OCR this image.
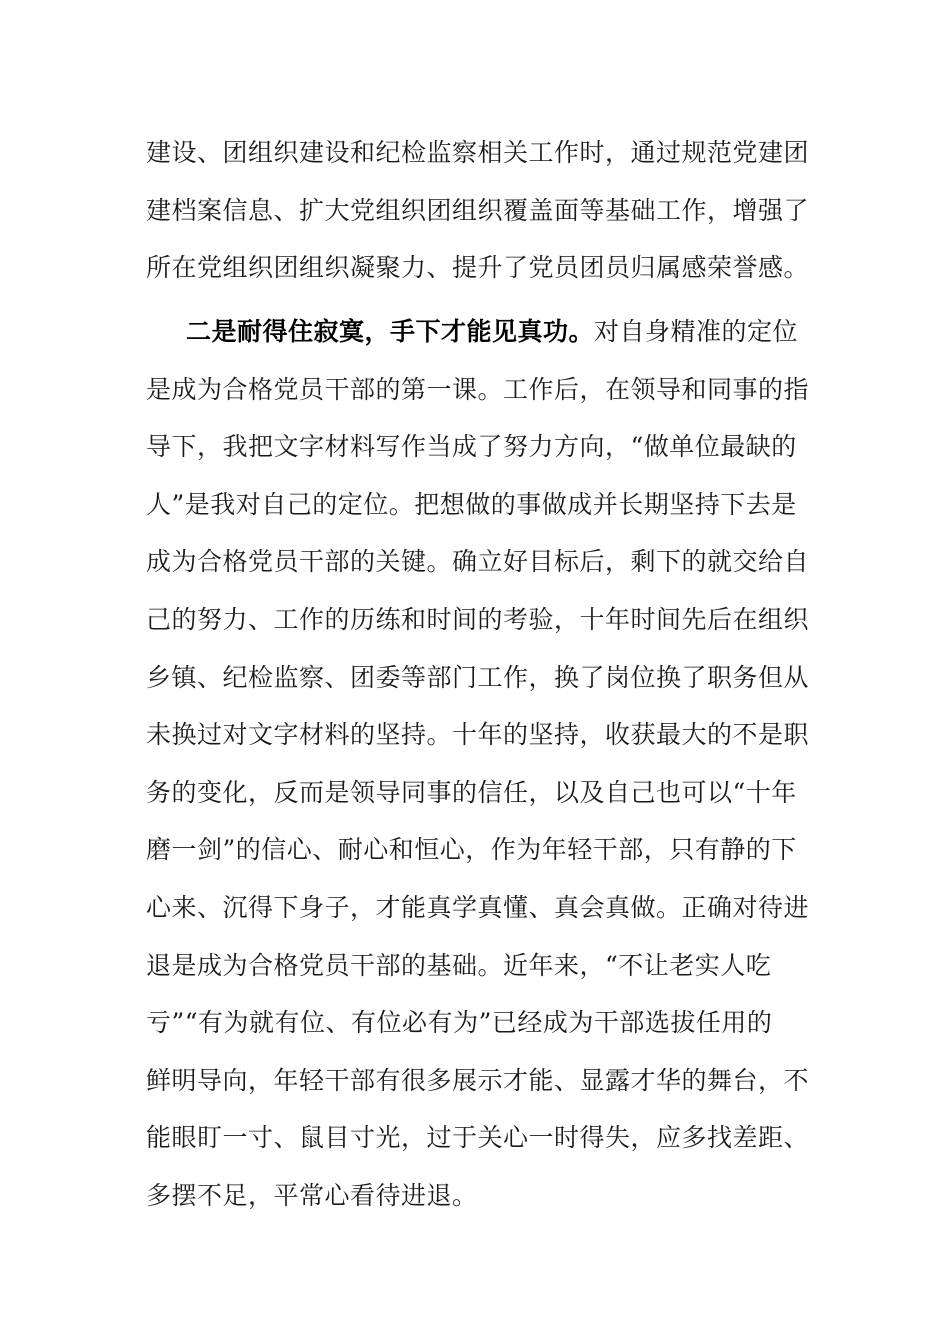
建设、团组织建设和纪检监察相关工作时，通过规范党建团
建档案信息、扩大党组织团组织覆盖面等基础工作，增强了
所在党组织团组织凝聚力、提升了党员团员归属感荣誉感。
二是耐得住寂寞，手下才能见真功。对自身精准的定位
是成为合格党员干部的第一课。工作后，在领导和同事的指
导下，我把文字材料写作当成了努力方向，“做单位最缺的
人”是我对自己的定位。把想做的事做成并长期坚持下去是
成为合格党员干部的关键。确立好目标后，剩下的就交给自
己的努力、工作的历练和时间的考验，十年时间先后在组织
乡镇、纪检监察、团委等部门工作，换了岗位换了职务但从
未换过对文字材料的坚持。十年的坚持，收获最大的不是职
务的变化，反而是领导同事的信任，以及自己也可以“十年
磨一剑”的信心、耐心和恒心，作为年轻干部，只有静的下
心来、沉得下身子，才能真学真懂、真会真做。正确对待进
退是成为合格党员干部的基础。近年来，“不让老实人吃
亏”“有为就有位、有位必有为”已经成为干部选拔任用的
鲜明导向，年轻干部有很多展示才能、显露才华的舞台，不
能眼盯一寸、鼠目寸光，过于关心一时得失，应多找差距、
多摆不足，平常心看待进退。
